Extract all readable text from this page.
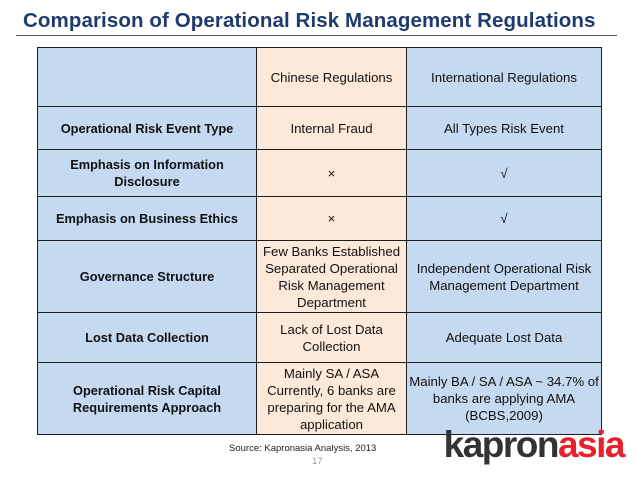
Comparison of Operational Risk Management Regulations
	Chinese Regulations	International Regulations
Operational Risk Event Type	Internal Fraud	All Types Risk Event
Emphasis on Information Disclosure	×	√
Emphasis on Business Ethics	×	√
Governance Structure	Few Banks Established Separated Operational Risk Management Department	Independent Operational Risk Management Department
Lost Data Collection	Lack of Lost Data Collection	Adequate Lost Data
Operational Risk Capital Requirements Approach	Mainly SA / ASA Currently, 6 banks are preparing for the AMA application	Mainly BA / SA / ASA ~ 34.7% of banks are applying AMA (BCBS,2009)
Source: Kapronasia Analysis, 2013
17	kapronasia
